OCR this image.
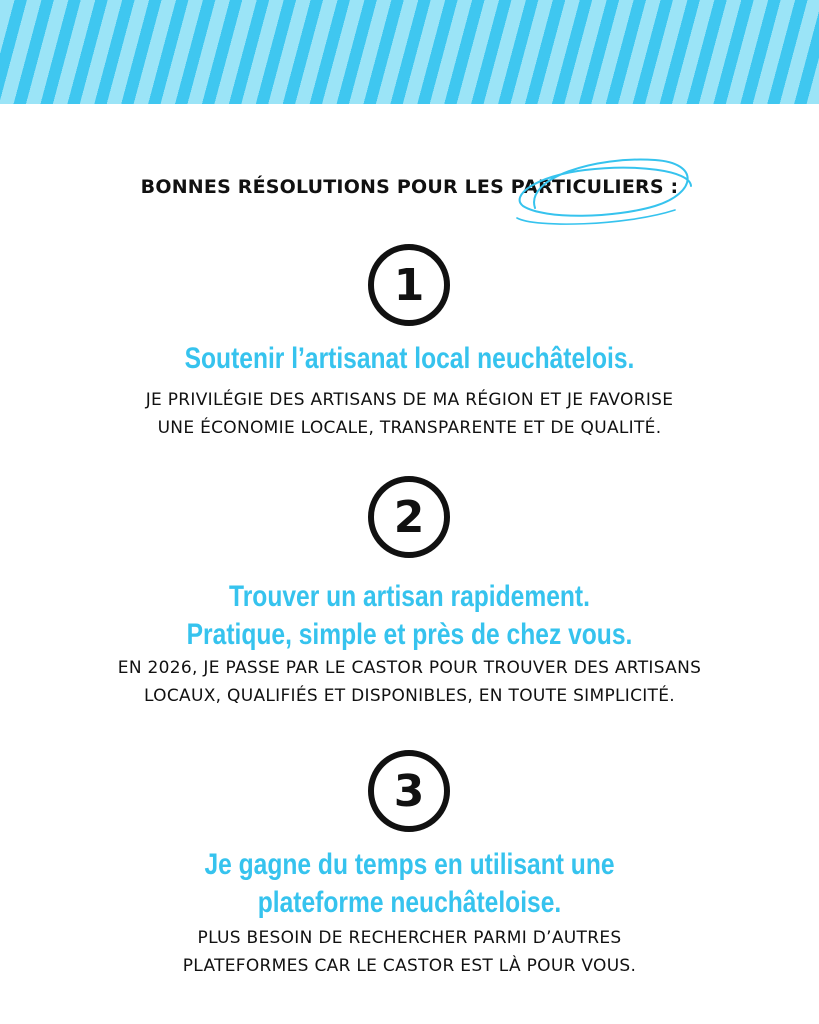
BONNES RÉSOLUTIONS POUR LES PARTICULIERS :
1
Soutenir l’artisanat local neuchâtelois.
JE PRIVILÉGIE DES ARTISANS DE MA RÉGION ET JE FAVORISE
UNE ÉCONOMIE LOCALE, TRANSPARENTE ET DE QUALITÉ.
2
Trouver un artisan rapidement.
Pratique, simple et près de chez vous.
EN 2026, JE PASSE PAR LE CASTOR POUR TROUVER DES ARTISANS
LOCAUX, QUALIFIÉS ET DISPONIBLES, EN TOUTE SIMPLICITÉ.
3
Je gagne du temps en utilisant une
plateforme neuchâteloise.
PLUS BESOIN DE RECHERCHER PARMI D’AUTRES
PLATEFORMES CAR LE CASTOR EST LÀ POUR VOUS.
